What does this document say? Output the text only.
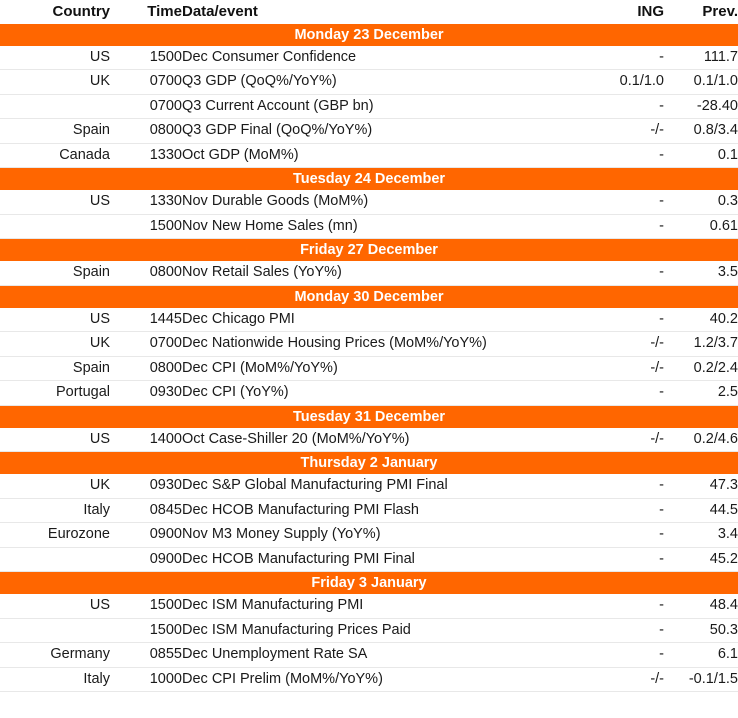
Country	Time	Data/event	ING	Prev.
Monday 23 December				
US	1500	Dec Consumer Confidence	-	111.7
UK	0700	Q3 GDP (QoQ%/YoY%)	0.1/1.0	0.1/1.0
	0700	Q3 Current Account (GBP bn)	-	-28.40
Spain	0800	Q3 GDP Final (QoQ%/YoY%)	-/-	0.8/3.4
Canada	1330	Oct GDP (MoM%)	-	0.1
Tuesday 24 December				
US	1330	Nov Durable Goods (MoM%)	-	0.3
	1500	Nov New Home Sales (mn)	-	0.61
Friday 27 December				
Spain	0800	Nov Retail Sales (YoY%)	-	3.5
Monday 30 December				
US	1445	Dec Chicago PMI	-	40.2
UK	0700	Dec Nationwide Housing Prices (MoM%/YoY%)	-/-	1.2/3.7
Spain	0800	Dec CPI (MoM%/YoY%)	-/-	0.2/2.4
Portugal	0930	Dec CPI (YoY%)	-	2.5
Tuesday 31 December				
US	1400	Oct Case-Shiller 20 (MoM%/YoY%)	-/-	0.2/4.6
Thursday 2 January				
UK	0930	Dec S&P Global Manufacturing PMI Final	-	47.3
Italy	0845	Dec HCOB Manufacturing PMI Flash	-	44.5
Eurozone	0900	Nov M3 Money Supply (YoY%)	-	3.4
	0900	Dec HCOB Manufacturing PMI Final	-	45.2
Friday 3 January				
US	1500	Dec ISM Manufacturing PMI	-	48.4
	1500	Dec ISM Manufacturing Prices Paid	-	50.3
Germany	0855	Dec Unemployment Rate SA	-	6.1
Italy	1000	Dec CPI Prelim (MoM%/YoY%)	-/-	-0.1/1.5
